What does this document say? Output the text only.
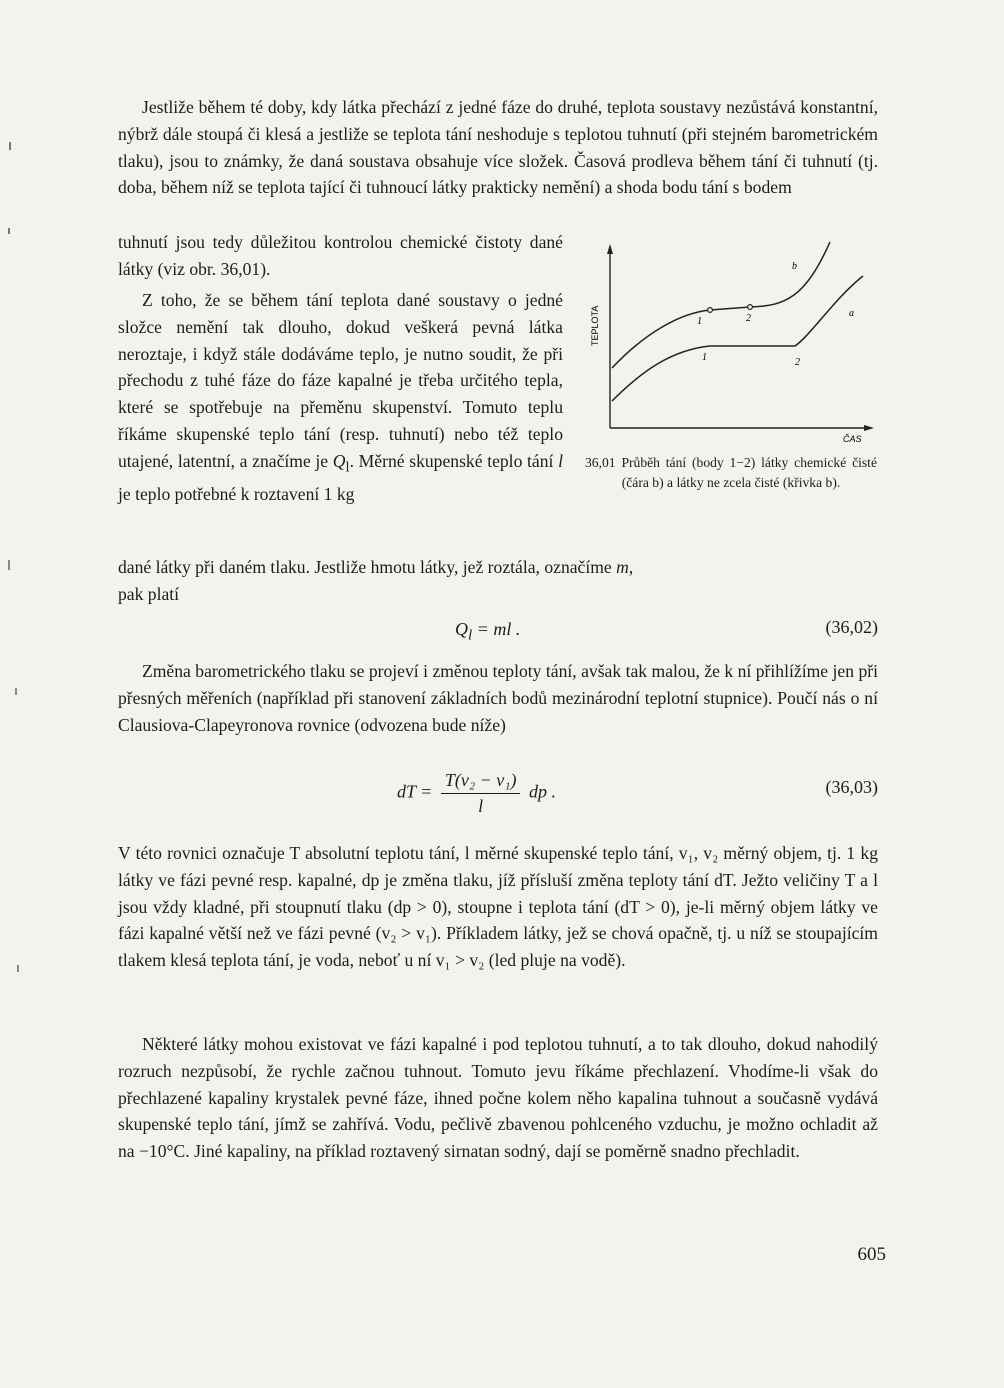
Jestliže během té doby, kdy látka přechází z jedné fáze do druhé, teplota soustavy nezůstává konstantní, nýbrž dále stoupá či klesá a jestliže se teplota tání neshoduje s teplotou tuhnutí (při stejném barometrickém tlaku), jsou to známky, že daná soustava obsahuje více složek. Časová prodleva během tání či tuhnutí (tj. doba, během níž se teplota tající či tuhnoucí látky prakticky nemění) a shoda bodu tání s bodem

tuhnutí jsou tedy důležitou kontrolou chemické čistoty dané látky (viz obr. 36,01).

Z toho, že se během tání teplota dané soustavy o jedné složce nemění tak dlouho, dokud veškerá pevná látka neroztaje, i když stále dodáváme teplo, je nutno soudit, že při přechodu z tuhé fáze do fáze kapalné je třeba určitého tepla, které se spotřebuje na přeměnu skupenství. Tomuto teplu říkáme skupenské teplo tání (resp. tuhnutí) nebo též teplo utajené, latentní, a značíme je $Q_l$. Měrné skupenské teplo tání l je teplo potřebné k roztavení 1 kg

dané látky při daném tlaku. Jestliže hmotu látky, jež roztála, označíme m,

pak platí

$Q_l$ = ml .	(36,02)

Změna barometrického tlaku se projeví i změnou teploty tání, avšak tak malou, že k ní přihlížíme jen při přesných měřeních (například při stanovení základních bodů mezinárodní teplotní stupnice). Poučí nás o ní Clausiova-Clapeyronova rovnice (odvozena bude níže)

dT = $\frac{\text{T(v₂ − v₁)}}{l}$ dp .	(36,03)

V této rovnici označuje T absolutní teplotu tání, l měrné skupenské teplo tání, v₁, v₂ měrný objem, tj. 1 kg látky ve fázi pevné resp. kapalné, dp je změna tlaku, jíž přísluší změna teploty tání dT. Ježto veličiny T a l jsou vždy kladné, při stoupnutí tlaku (dp > 0), stoupne i teplota tání (dT > 0), je-li měrný objem látky ve fázi kapalné větší než ve fázi pevné (v₂ > v₁). Příkladem látky, jež se chová opačně, tj. u níž se stoupajícím tlakem klesá teplota tání, je voda, neboť u ní v₁ > v₂ (led pluje na vodě).

Některé látky mohou existovat ve fázi kapalné i pod teplotou tuhnutí, a to tak dlouho, dokud nahodilý rozruch nezpůsobí, že rychle začnou tuhnout. Tomuto jevu říkáme přechlazení. Vhodíme-li však do přechlazené kapaliny krystalek pevné fáze, ihned počne kolem něho kapalina tuhnout a současně vydává skupenské teplo tání, jímž se zahřívá. Vodu, pečlivě zbavenou pohlceného vzduchu, je možno ochladit až na −10°C. Jiné kapaliny, na příklad roztavený sirnatan sodný, dají se poměrně snadno přechladit.

TEPLOTA
ČAS
b
1	2	a
1	2
36,01 Průběh tání (body 1−2) látky chemické čisté (čára b) a látky ne zcela čisté (křivka b).
605
